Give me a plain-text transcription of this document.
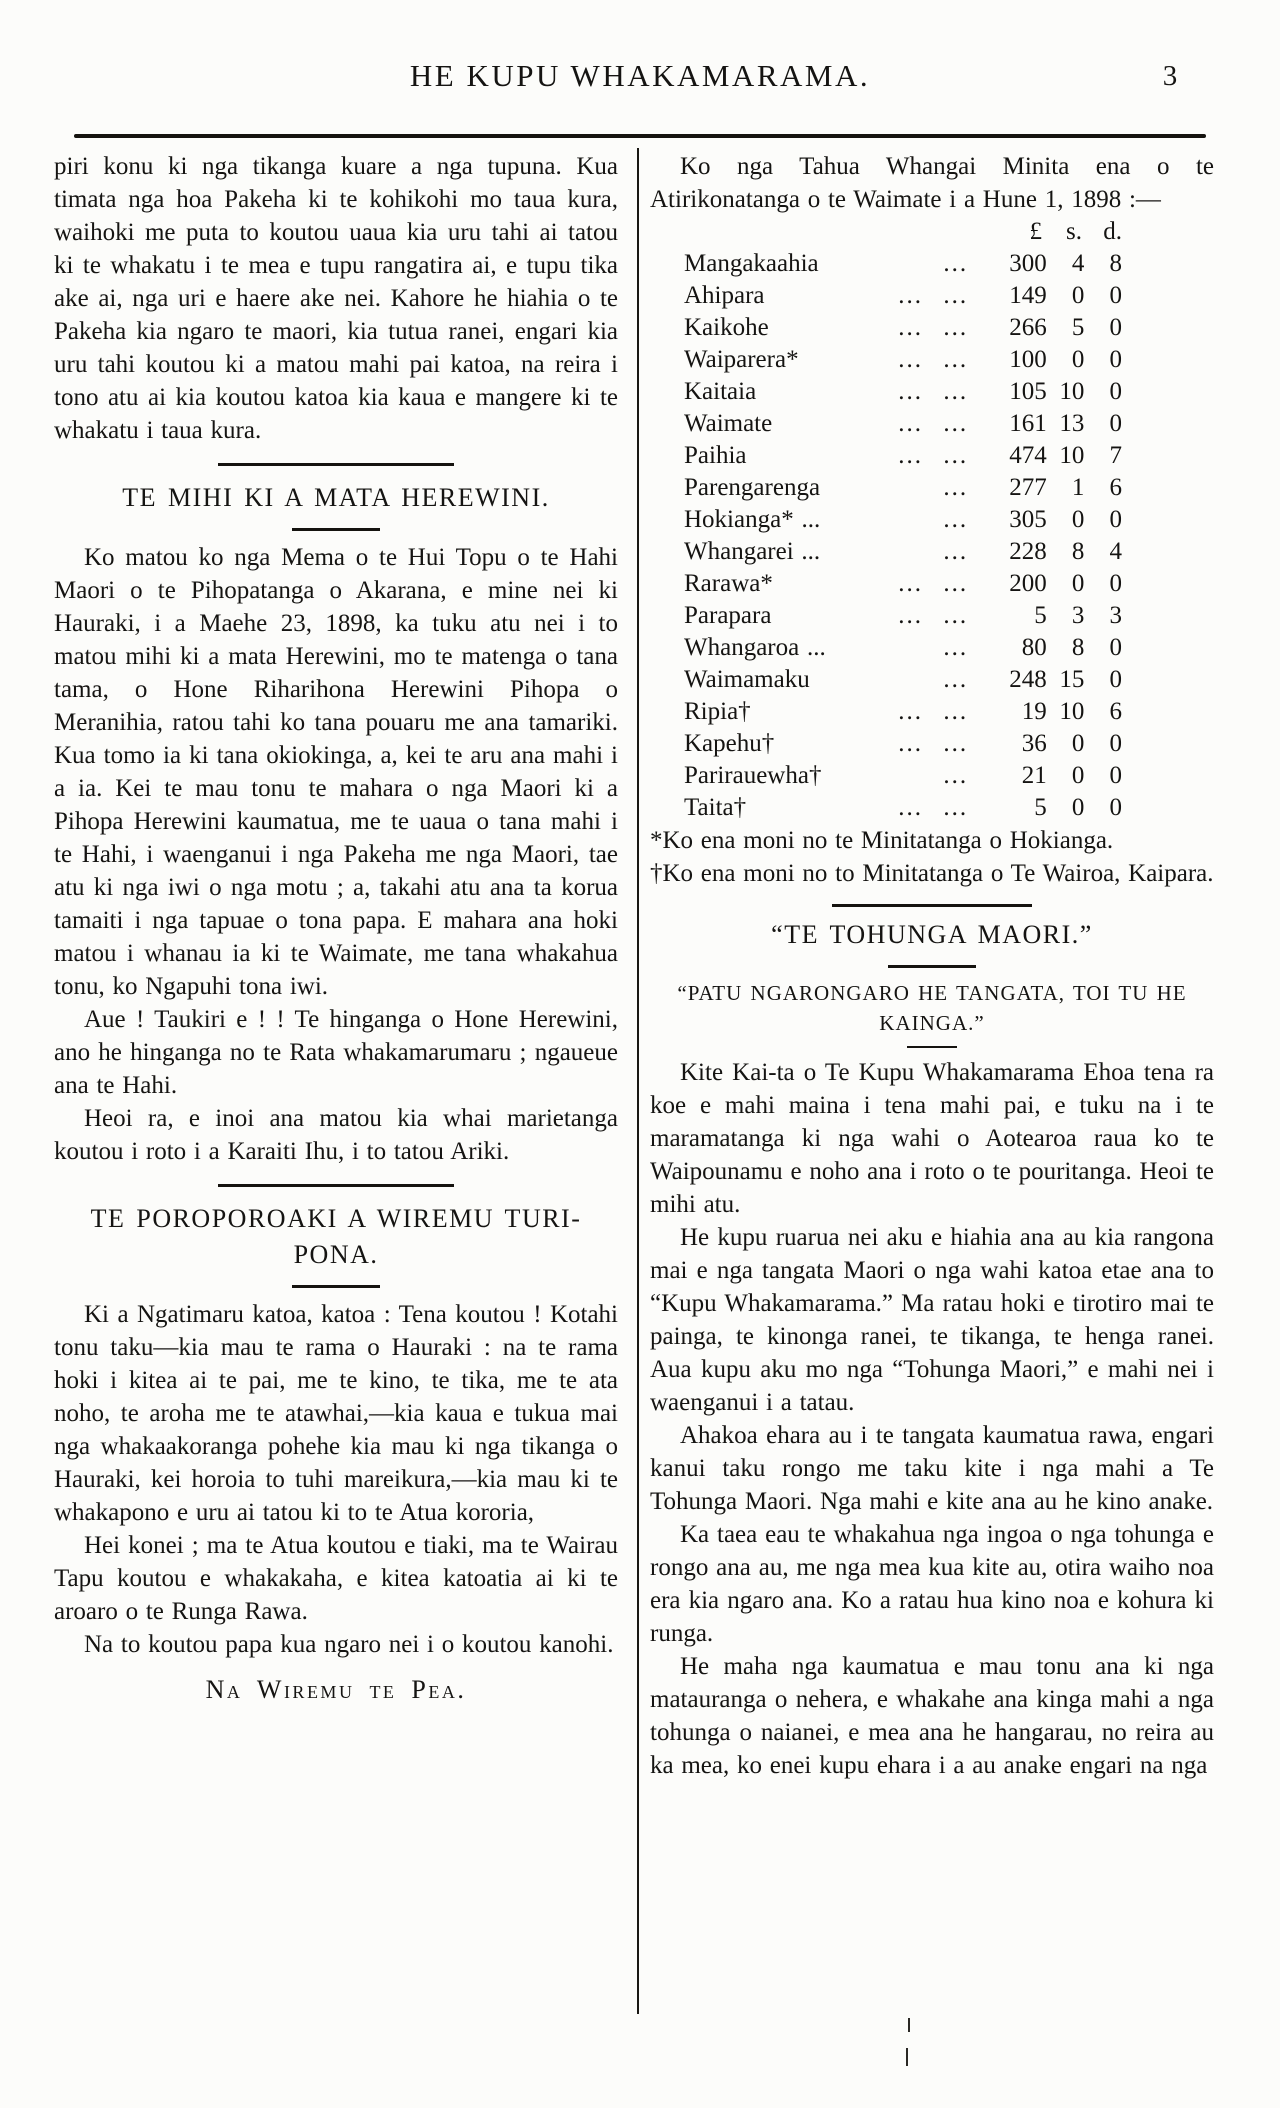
HE KUPU WHAKAMARAMA.	3

piri konu ki nga tikanga kuare a nga tupuna. Kua timata nga hoa Pakeha ki te kohikohi mo taua kura, waihoki me puta to koutou uaua kia uru tahi ai tatou ki te whakatu i te mea e tupu rangatira ai, e tupu tika ake ai, nga uri e haere ake nei. Kahore he hiahia o te Pakeha kia ngaro te maori, kia tutua ranei, engari kia uru tahi koutou ki a matou mahi pai katoa, na reira i tono atu ai kia koutou katoa kia kaua e mangere ki te whakatu i taua kura.

TE MIHI KI A MATA HEREWINI.

Ko matou ko nga Mema o te Hui Topu o te Hahi Maori o te Pihopatanga o Akarana, e mine nei ki Hauraki, i a Maehe 23, 1898, ka tuku atu nei i to matou mihi ki a mata Herewini, mo te matenga o tana tama, o Hone Riharihona Herewini Pihopa o Meranihia, ratou tahi ko tana pouaru me ana tamariki. Kua tomo ia ki tana okiokinga, a, kei te aru ana mahi i a ia. Kei te mau tonu te mahara o nga Maori ki a Pihopa Herewini kaumatua, me te uaua o tana mahi i te Hahi, i waenganui i nga Pakeha me nga Maori, tae atu ki nga iwi o nga motu ; a, takahi atu ana ta korua tamaiti i nga tapuae o tona papa. E mahara ana hoki matou i whanau ia ki te Waimate, me tana whakahua tonu, ko Ngapuhi tona iwi.

Aue ! Taukiri e ! ! Te hinganga o Hone Herewini, ano he hinganga no te Rata whakamarumaru ; ngaueue ana te Hahi.

Heoi ra, e inoi ana matou kia whai marietanga koutou i roto i a Karaiti Ihu, i to tatou Ariki.

TE POROPOROAKI A WIREMU TURI-PONA.

Ki a Ngatimaru katoa, katoa : Tena koutou ! Kotahi tonu taku—kia mau te rama o Hauraki : na te rama hoki i kitea ai te pai, me te kino, te tika, me te ata noho, te aroha me te atawhai,—kia kaua e tukua mai nga whakaakoranga pohehe kia mau ki nga tikanga o Hauraki, kei horoia to tuhi mareikura,—kia mau ki te whakapono e uru ai tatou ki to te Atua kororia,

Hei konei ; ma te Atua koutou e tiaki, ma te Wairau Tapu koutou e whakakaha, e kitea katoatia ai ki te aroaro o te Runga Rawa.

Na to koutou papa kua ngaro nei i o koutou kanohi.

Na Wiremu te Pea.

Ko nga Tahua Whangai Minita ena o te Atirikonatanga o te Waimate i a Hune 1, 1898 :—

£ s. d.
Mangakaahia	...	300	4	8
Ahipara	... ...	149	0	0
Kaikohe	... ...	266	5	0
Waiparera*	... ...	100	0	0
Kaitaia	... ...	105 10	0
Waimate	... ...	161 13	0
Paihia	... ...	474 10	7
Parengarenga	...	277	1	6
Hokianga* ...	...	305	0	0
Whangarei ...	...	228	8	4
Rarawa*	... ...	200	0	0
Parapara	... ...	5	3	3
Whangaroa ...	...	80	8	0
Waimamaku	...	248 15	0
Ripia†	... ...	19 10	6
Kapehu†	... ...	36	0	0
Parirauewha†	...	21	0	0
Taita†	... ...	5	0	0

*Ko ena moni no te Minitatanga o Hokianga.

†Ko ena moni no to Minitatanga o Te Wairoa, Kaipara.

“TE TOHUNGA MAORI.”
“PATU NGARONGARO HE TANGATA, TOI TU HE KAINGA.”

Kite Kai-ta o Te Kupu Whakamarama Ehoa tena ra koe e mahi maina i tena mahi pai, e tuku na i te maramatanga ki nga wahi o Aotearoa raua ko te Waipounamu e noho ana i roto o te pouritanga. Heoi te mihi atu.

He kupu ruarua nei aku e hiahia ana au kia rangona mai e nga tangata Maori o nga wahi katoa etae ana to “Kupu Whakamarama.” Ma ratau hoki e tirotiro mai te painga, te kinonga ranei, te tikanga, te henga ranei. Aua kupu aku mo nga “Tohunga Maori,” e mahi nei i waenganui i a tatau.

Ahakoa ehara au i te tangata kaumatua rawa, engari kanui taku rongo me taku kite i nga mahi a Te Tohunga Maori. Nga mahi e kite ana au he kino anake.

Ka taea eau te whakahua nga ingoa o nga tohunga e rongo ana au, me nga mea kua kite au, otira waiho noa era kia ngaro ana. Ko a ratau hua kino noa e kohura ki runga.

He maha nga kaumatua e mau tonu ana ki nga matauranga o nehera, e whakahe ana kinga mahi a nga tohunga o naianei, e mea ana he hangarau, no reira au ka mea, ko enei kupu ehara i a au anake engari na nga
